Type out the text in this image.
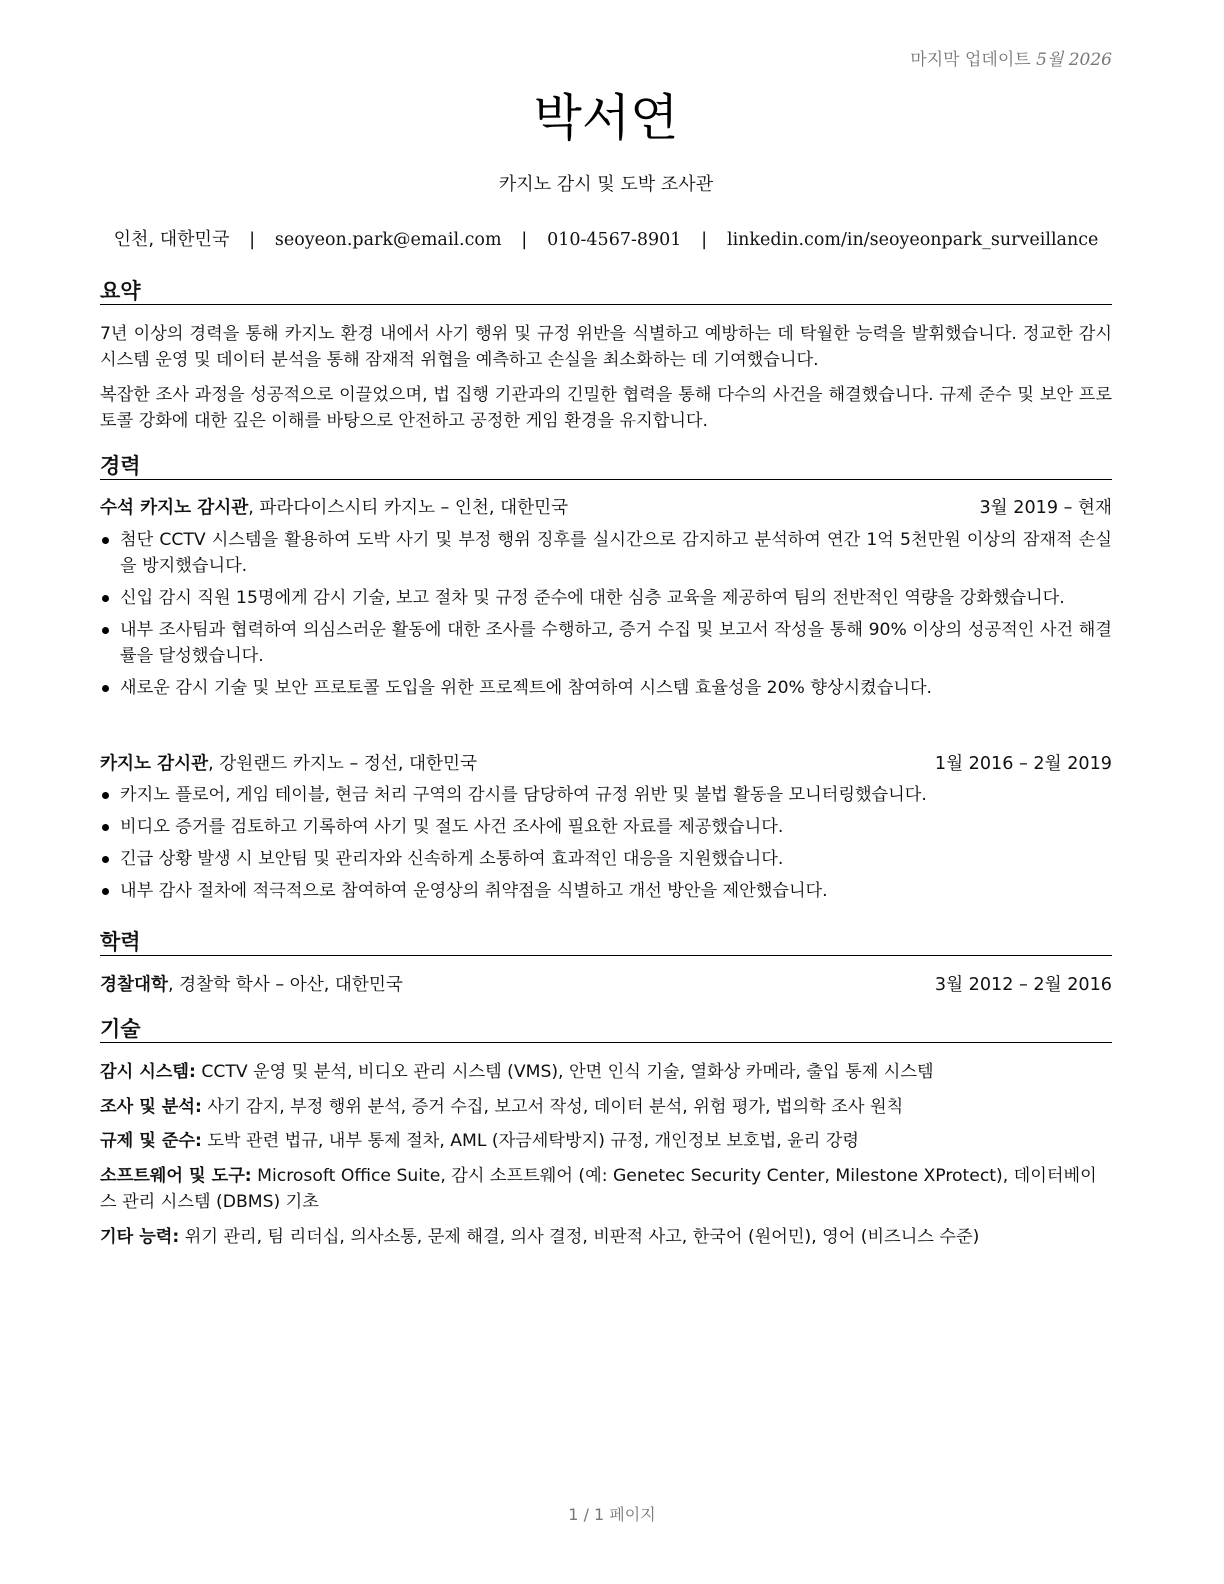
마지막 업데이트 5월 2026
박서연
카지노 감시 및 도박 조사관
인천, 대한민국 | seoyeon.park@email.com | 010-4567-8901 | linkedin.com/in/seoyeonpark_surveillance
요약

7년 이상의 경력을 통해 카지노 환경 내에서 사기 행위 및 규정 위반을 식별하고 예방하는 데 탁월한 능력을 발휘했습니다. 정교한 감시 시스템 운영 및 데이터 분석을 통해 잠재적 위협을 예측하고 손실을 최소화하는 데 기여했습니다.

복잡한 조사 과정을 성공적으로 이끌었으며, 법 집행 기관과의 긴밀한 협력을 통해 다수의 사건을 해결했습니다. 규제 준수 및 보안 프로토콜 강화에 대한 깊은 이해를 바탕으로 안전하고 공정한 게임 환경을 유지합니다.

경력
수석 카지노 감시관, 파라다이스시티 카지노 – 인천, 대한민국	3월 2019 – 현재
첨단 CCTV 시스템을 활용하여 도박 사기 및 부정 행위 징후를 실시간으로 감지하고 분석하여 연간 1억 5천만원 이상의 잠재적 손실을 방지했습니다.
신입 감시 직원 15명에게 감시 기술, 보고 절차 및 규정 준수에 대한 심층 교육을 제공하여 팀의 전반적인 역량을 강화했습니다.
내부 조사팀과 협력하여 의심스러운 활동에 대한 조사를 수행하고, 증거 수집 및 보고서 작성을 통해 90% 이상의 성공적인 사건 해결률을 달성했습니다.
새로운 감시 기술 및 보안 프로토콜 도입을 위한 프로젝트에 참여하여 시스템 효율성을 20% 향상시켰습니다.
카지노 감시관, 강원랜드 카지노 – 정선, 대한민국	1월 2016 – 2월 2019
카지노 플로어, 게임 테이블, 현금 처리 구역의 감시를 담당하여 규정 위반 및 불법 활동을 모니터링했습니다.
비디오 증거를 검토하고 기록하여 사기 및 절도 사건 조사에 필요한 자료를 제공했습니다.
긴급 상황 발생 시 보안팀 및 관리자와 신속하게 소통하여 효과적인 대응을 지원했습니다.
내부 감사 절차에 적극적으로 참여하여 운영상의 취약점을 식별하고 개선 방안을 제안했습니다.
학력
경찰대학, 경찰학 학사 – 아산, 대한민국	3월 2012 – 2월 2016
기술
감시 시스템: CCTV 운영 및 분석, 비디오 관리 시스템 (VMS), 안면 인식 기술, 열화상 카메라, 출입 통제 시스템
조사 및 분석: 사기 감지, 부정 행위 분석, 증거 수집, 보고서 작성, 데이터 분석, 위험 평가, 법의학 조사 원칙
규제 및 준수: 도박 관련 법규, 내부 통제 절차, AML (자금세탁방지) 규정, 개인정보 보호법, 윤리 강령
소프트웨어 및 도구: Microsoft Office Suite, 감시 소프트웨어 (예: Genetec Security Center, Milestone XProtect), 데이터베이스 관리 시스템 (DBMS) 기초
기타 능력: 위기 관리, 팀 리더십, 의사소통, 문제 해결, 의사 결정, 비판적 사고, 한국어 (원어민), 영어 (비즈니스 수준)
1 / 1 페이지
